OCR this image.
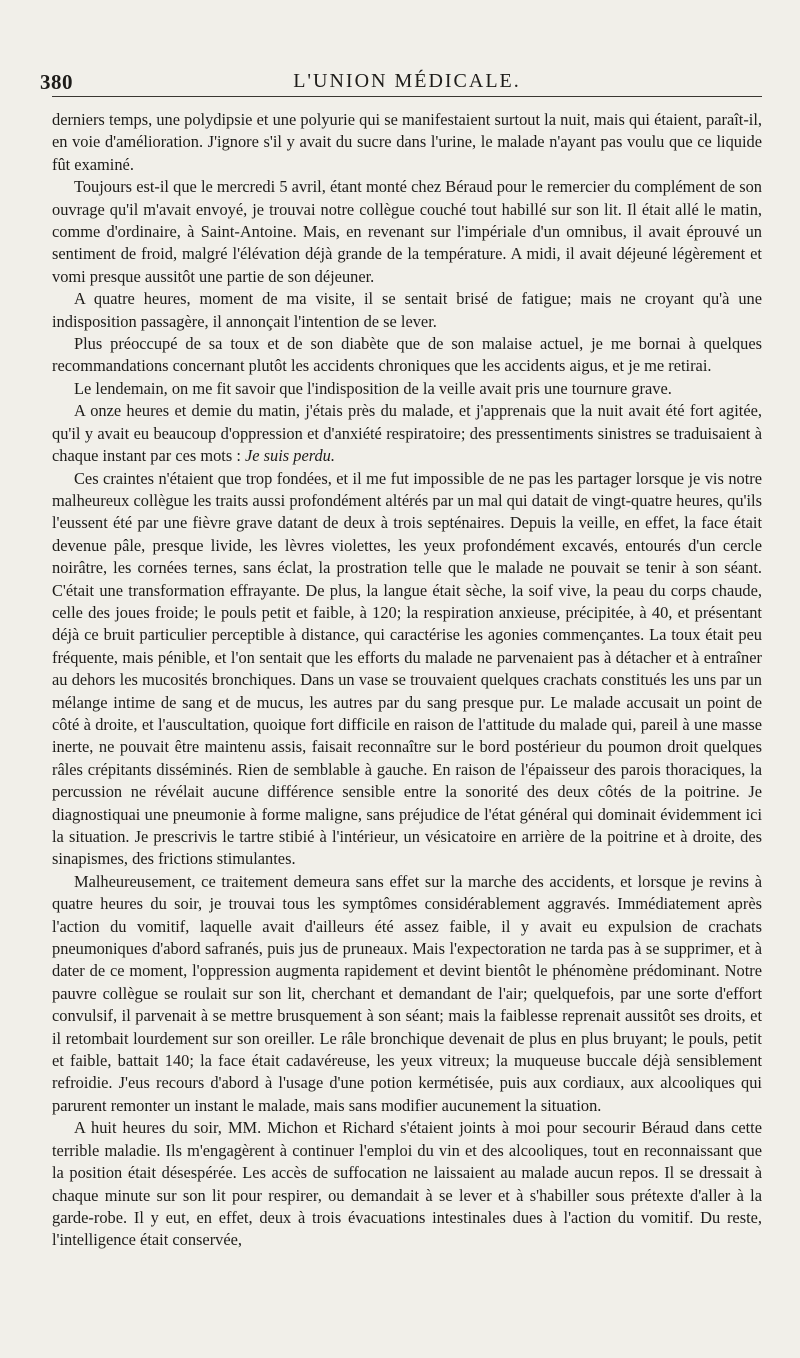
380	L'UNION MÉDICALE.

derniers temps, une polydipsie et une polyurie qui se manifestaient surtout la nuit, mais qui étaient, paraît-il, en voie d'amélioration. J'ignore s'il y avait du sucre dans l'urine, le malade n'ayant pas voulu que ce liquide fût examiné.

Toujours est-il que le mercredi 5 avril, étant monté chez Béraud pour le remercier du complément de son ouvrage qu'il m'avait envoyé, je trouvai notre collègue couché tout habillé sur son lit. Il était allé le matin, comme d'ordinaire, à Saint-Antoine. Mais, en revenant sur l'impériale d'un omnibus, il avait éprouvé un sentiment de froid, malgré l'élévation déjà grande de la température. A midi, il avait déjeuné légèrement et vomi presque aussitôt une partie de son déjeuner.

A quatre heures, moment de ma visite, il se sentait brisé de fatigue; mais ne croyant qu'à une indisposition passagère, il annonçait l'intention de se lever.

Plus préoccupé de sa toux et de son diabète que de son malaise actuel, je me bornai à quelques recommandations concernant plutôt les accidents chroniques que les accidents aigus, et je me retirai.

Le lendemain, on me fit savoir que l'indisposition de la veille avait pris une tournure grave.

A onze heures et demie du matin, j'étais près du malade, et j'apprenais que la nuit avait été fort agitée, qu'il y avait eu beaucoup d'oppression et d'anxiété respiratoire; des pressentiments sinistres se traduisaient à chaque instant par ces mots : Je suis perdu.

Ces craintes n'étaient que trop fondées, et il me fut impossible de ne pas les partager lorsque je vis notre malheureux collègue les traits aussi profondément altérés par un mal qui datait de vingt-quatre heures, qu'ils l'eussent été par une fièvre grave datant de deux à trois septénaires. Depuis la veille, en effet, la face était devenue pâle, presque livide, les lèvres violettes, les yeux profondément excavés, entourés d'un cercle noirâtre, les cornées ternes, sans éclat, la prostration telle que le malade ne pouvait se tenir à son séant. C'était une transformation effrayante. De plus, la langue était sèche, la soif vive, la peau du corps chaude, celle des joues froide; le pouls petit et faible, à 120; la respiration anxieuse, précipitée, à 40, et présentant déjà ce bruit particulier perceptible à distance, qui caractérise les agonies commençantes. La toux était peu fréquente, mais pénible, et l'on sentait que les efforts du malade ne parvenaient pas à détacher et à entraîner au dehors les mucosités bronchiques. Dans un vase se trouvaient quelques crachats constitués les uns par un mélange intime de sang et de mucus, les autres par du sang presque pur. Le malade accusait un point de côté à droite, et l'auscultation, quoique fort difficile en raison de l'attitude du malade qui, pareil à une masse inerte, ne pouvait être maintenu assis, faisait reconnaître sur le bord postérieur du poumon droit quelques râles crépitants disséminés. Rien de semblable à gauche. En raison de l'épaisseur des parois thoraciques, la percussion ne révélait aucune différence sensible entre la sonorité des deux côtés de la poitrine. Je diagnostiquai une pneumonie à forme maligne, sans préjudice de l'état général qui dominait évidemment ici la situation. Je prescrivis le tartre stibié à l'intérieur, un vésicatoire en arrière de la poitrine et à droite, des sinapismes, des frictions stimulantes.

Malheureusement, ce traitement demeura sans effet sur la marche des accidents, et lorsque je revins à quatre heures du soir, je trouvai tous les symptômes considérablement aggravés. Immédiatement après l'action du vomitif, laquelle avait d'ailleurs été assez faible, il y avait eu expulsion de crachats pneumoniques d'abord safranés, puis jus de pruneaux. Mais l'expectoration ne tarda pas à se supprimer, et à dater de ce moment, l'oppression augmenta rapidement et devint bientôt le phénomène prédominant. Notre pauvre collègue se roulait sur son lit, cherchant et demandant de l'air; quelquefois, par une sorte d'effort convulsif, il parvenait à se mettre brusquement à son séant; mais la faiblesse reprenait aussitôt ses droits, et il retombait lourdement sur son oreiller. Le râle bronchique devenait de plus en plus bruyant; le pouls, petit et faible, battait 140; la face était cadavéreuse, les yeux vitreux; la muqueuse buccale déjà sensiblement refroidie. J'eus recours d'abord à l'usage d'une potion kermétisée, puis aux cordiaux, aux alcooliques qui parurent remonter un instant le malade, mais sans modifier aucunement la situation.

A huit heures du soir, MM. Michon et Richard s'étaient joints à moi pour secourir Béraud dans cette terrible maladie. Ils m'engagèrent à continuer l'emploi du vin et des alcooliques, tout en reconnaissant que la position était désespérée. Les accès de suffocation ne laissaient au malade aucun repos. Il se dressait à chaque minute sur son lit pour respirer, ou demandait à se lever et à s'habiller sous prétexte d'aller à la garde-robe. Il y eut, en effet, deux à trois évacuations intestinales dues à l'action du vomitif. Du reste, l'intelligence était conservée,
